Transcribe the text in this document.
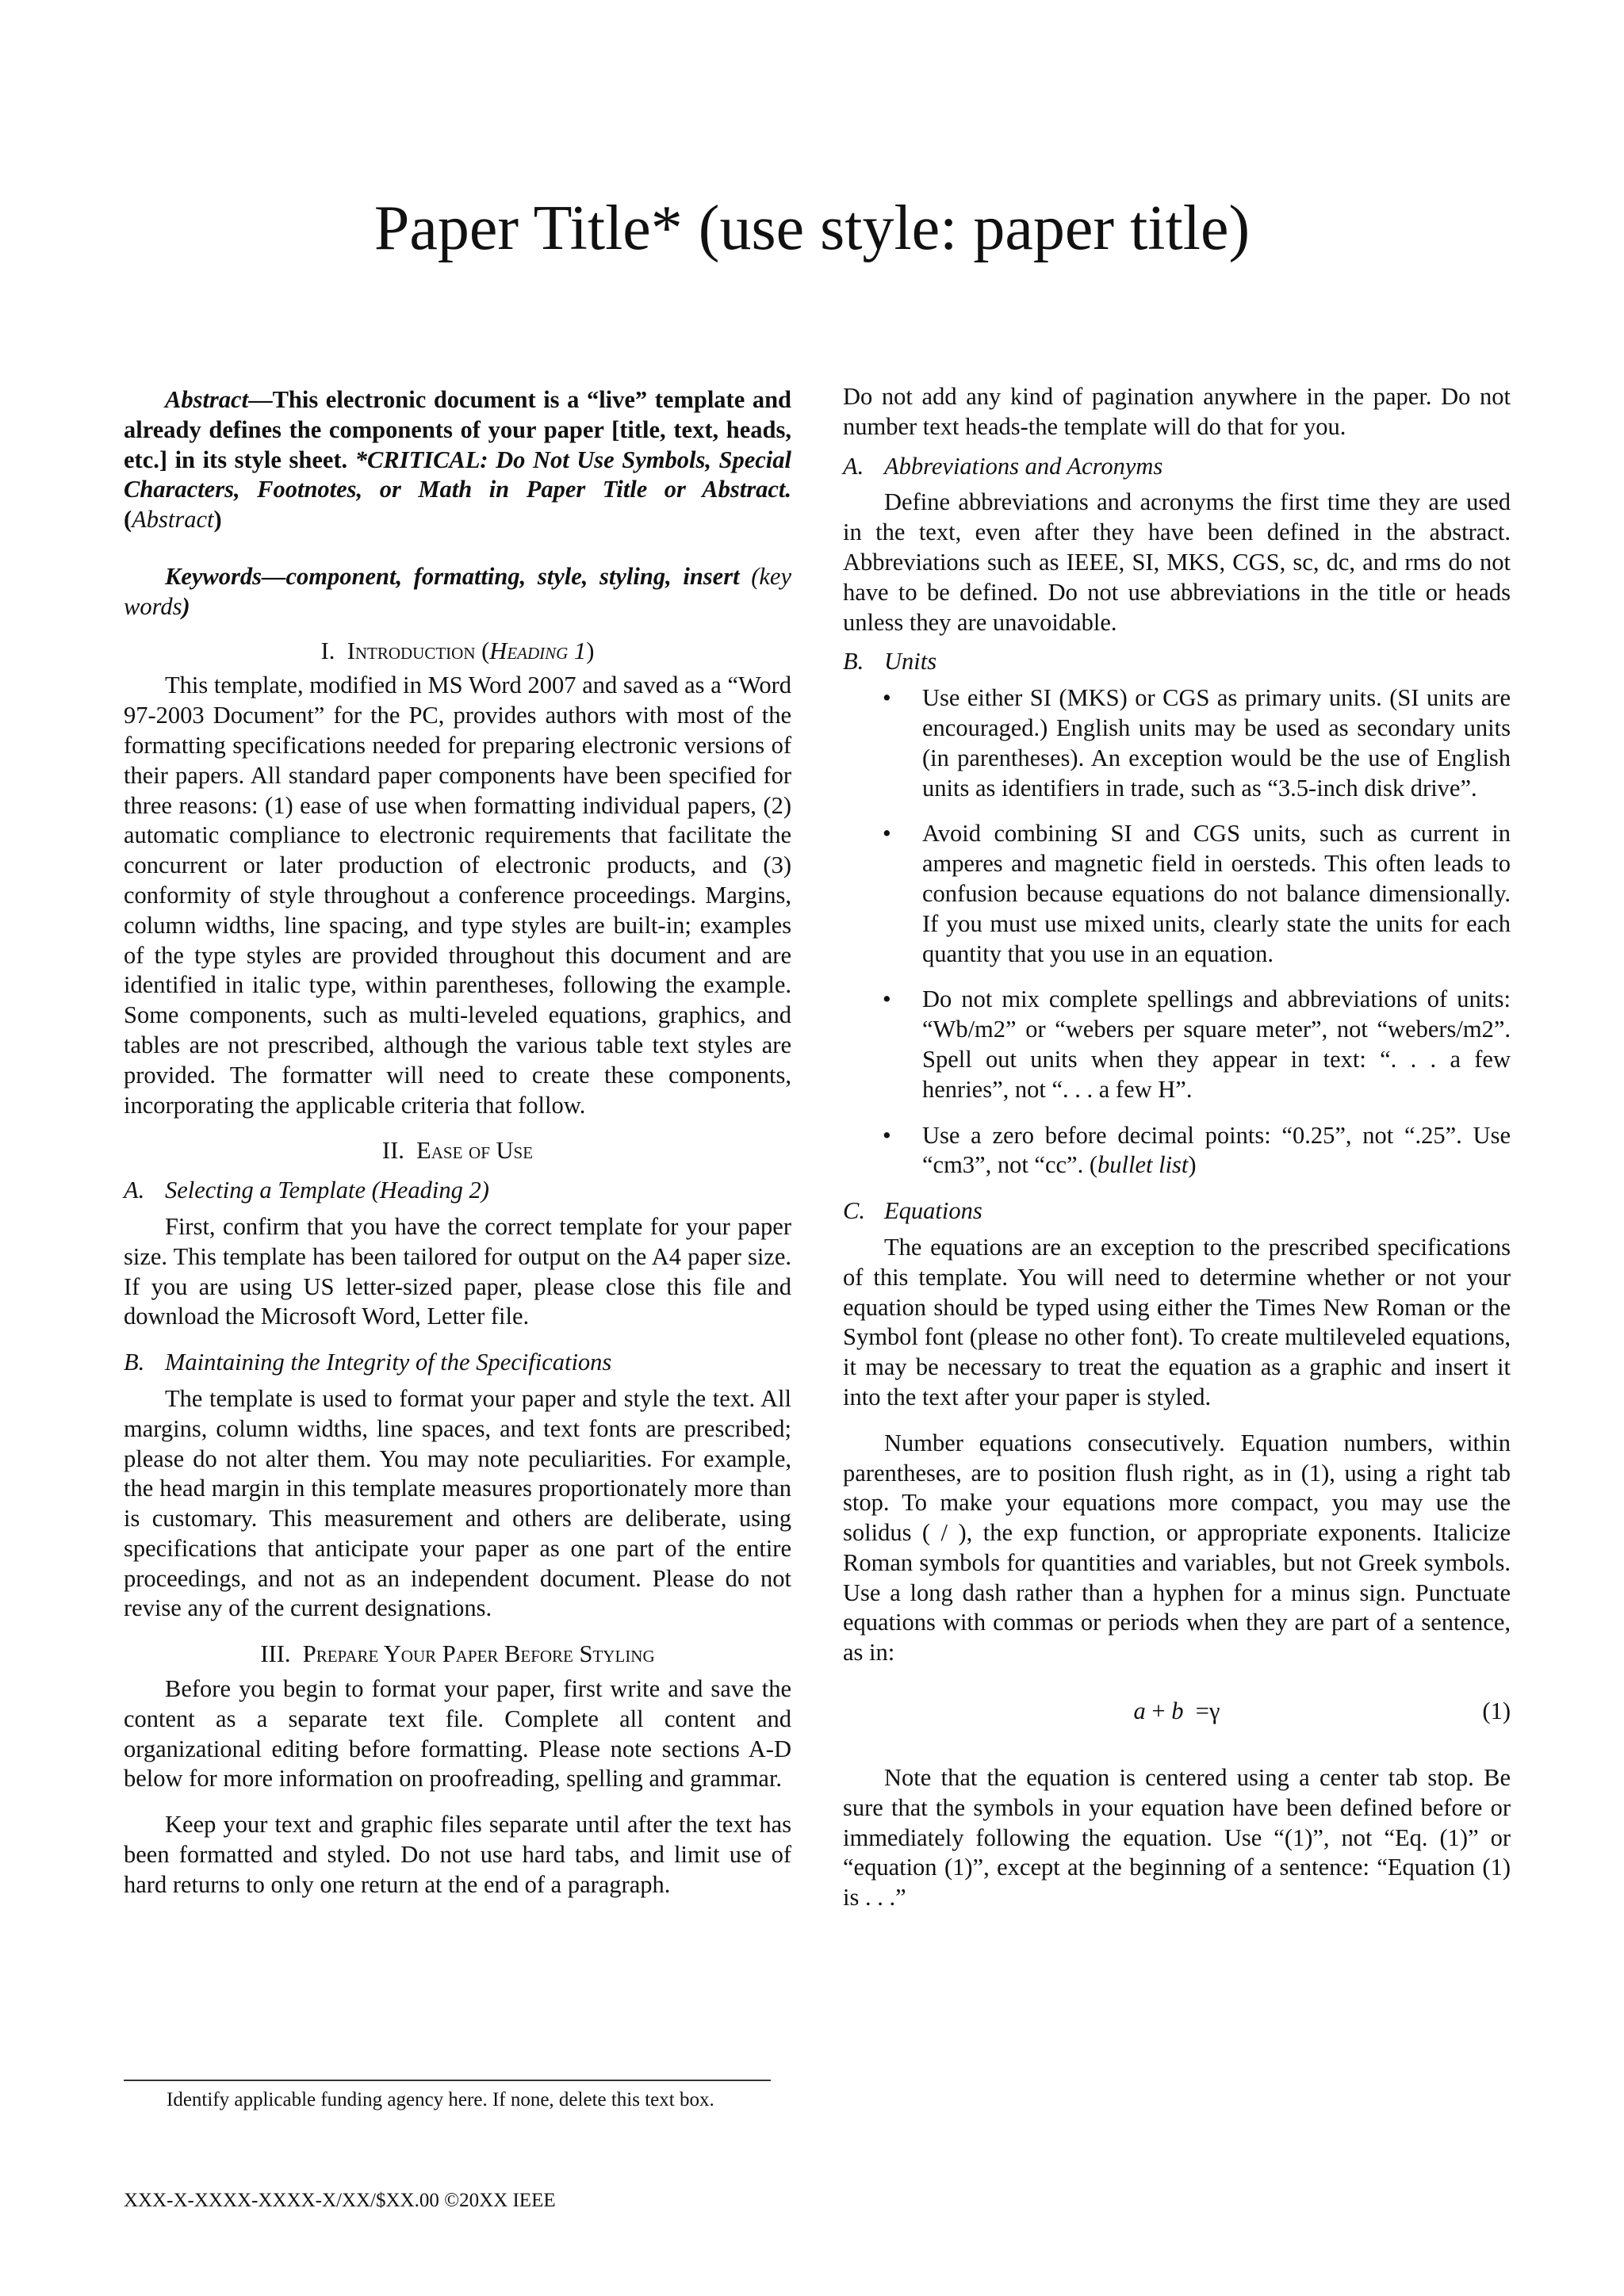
Paper Title* (use style: paper title)

Abstract—This electronic document is a “live” template and already defines the components of your paper [title, text, heads, etc.] in its style sheet. *CRITICAL: Do Not Use Symbols, Special Characters, Footnotes, or Math in Paper Title or Abstract. (Abstract)

Keywords—component, formatting, style, styling, insert (key words)

I. Introduction (Heading 1)

This template, modified in MS Word 2007 and saved as a “Word 97-2003 Document” for the PC, provides authors with most of the formatting specifications needed for preparing electronic versions of their papers. All standard paper components have been specified for three reasons: (1) ease of use when formatting individual papers, (2) automatic compliance to electronic requirements that facilitate the concurrent or later production of electronic products, and (3) conformity of style throughout a conference proceedings. Margins, column widths, line spacing, and type styles are built-in; examples of the type styles are provided throughout this document and are identified in italic type, within parentheses, following the example. Some components, such as multi-leveled equations, graphics, and tables are not prescribed, although the various table text styles are provided. The formatter will need to create these components, incorporating the applicable criteria that follow.

II. Ease of Use

A. Selecting a Template (Heading 2)

First, confirm that you have the correct template for your paper size. This template has been tailored for output on the A4 paper size. If you are using US letter-sized paper, please close this file and download the Microsoft Word, Letter file.

B. Maintaining the Integrity of the Specifications

The template is used to format your paper and style the text. All margins, column widths, line spaces, and text fonts are prescribed; please do not alter them. You may note peculiarities. For example, the head margin in this template measures proportionately more than is customary. This measurement and others are deliberate, using specifications that anticipate your paper as one part of the entire proceedings, and not as an independent document. Please do not revise any of the current designations.

III. Prepare Your Paper Before Styling

Before you begin to format your paper, first write and save the content as a separate text file. Complete all content and organizational editing before formatting. Please note sections A-D below for more information on proofreading, spelling and grammar.

Keep your text and graphic files separate until after the text has been formatted and styled. Do not use hard tabs, and limit use of hard returns to only one return at the end of a paragraph.

Do not add any kind of pagination anywhere in the paper. Do not number text heads-the template will do that for you.

A. Abbreviations and Acronyms

Define abbreviations and acronyms the first time they are used in the text, even after they have been defined in the abstract. Abbreviations such as IEEE, SI, MKS, CGS, sc, dc, and rms do not have to be defined. Do not use abbreviations in the title or heads unless they are unavoidable.

B. Units

• Use either SI (MKS) or CGS as primary units. (SI units are encouraged.) English units may be used as secondary units (in parentheses). An exception would be the use of English units as identifiers in trade, such as “3.5-inch disk drive”.
• Avoid combining SI and CGS units, such as current in amperes and magnetic field in oersteds. This often leads to confusion because equations do not balance dimensionally. If you must use mixed units, clearly state the units for each quantity that you use in an equation.
• Do not mix complete spellings and abbreviations of units: “Wb/m2” or “webers per square meter”, not “webers/m2”. Spell out units when they appear in text: “. . . a few henries”, not “. . . a few H”.
• Use a zero before decimal points: “0.25”, not “.25”. Use “cm3”, not “cc”. (bullet list)

C. Equations

The equations are an exception to the prescribed specifications of this template. You will need to determine whether or not your equation should be typed using either the Times New Roman or the Symbol font (please no other font). To create multileveled equations, it may be necessary to treat the equation as a graphic and insert it into the text after your paper is styled.

Number equations consecutively. Equation numbers, within parentheses, are to position flush right, as in (1), using a right tab stop. To make your equations more compact, you may use the solidus ( / ), the exp function, or appropriate exponents. Italicize Roman symbols for quantities and variables, but not Greek symbols. Use a long dash rather than a hyphen for a minus sign. Punctuate equations with commas or periods when they are part of a sentence, as in:

a + b =γ	(1)

Note that the equation is centered using a center tab stop. Be sure that the symbols in your equation have been defined before or immediately following the equation. Use “(1)”, not “Eq. (1)” or “equation (1)”, except at the beginning of a sentence: “Equation (1) is . . .”

Identify applicable funding agency here. If none, delete this text box.

XXX-X-XXXX-XXXX-X/XX/$XX.00 ©20XX IEEE
